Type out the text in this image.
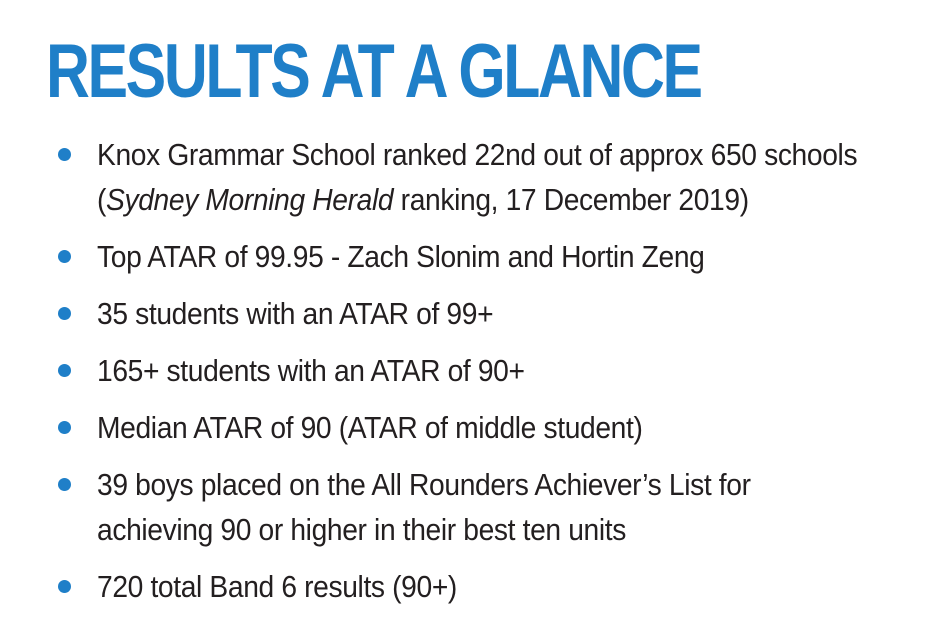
RESULTS AT A GLANCE
Knox Grammar School ranked 22nd out of approx 650 schools
(Sydney Morning Herald ranking, 17 December 2019)
Top ATAR of 99.95 - Zach Slonim and Hortin Zeng
35 students with an ATAR of 99+
165+ students with an ATAR of 90+
Median ATAR of 90 (ATAR of middle student)
39 boys placed on the All Rounders Achiever’s List for
achieving 90 or higher in their best ten units
720 total Band 6 results (90+)
